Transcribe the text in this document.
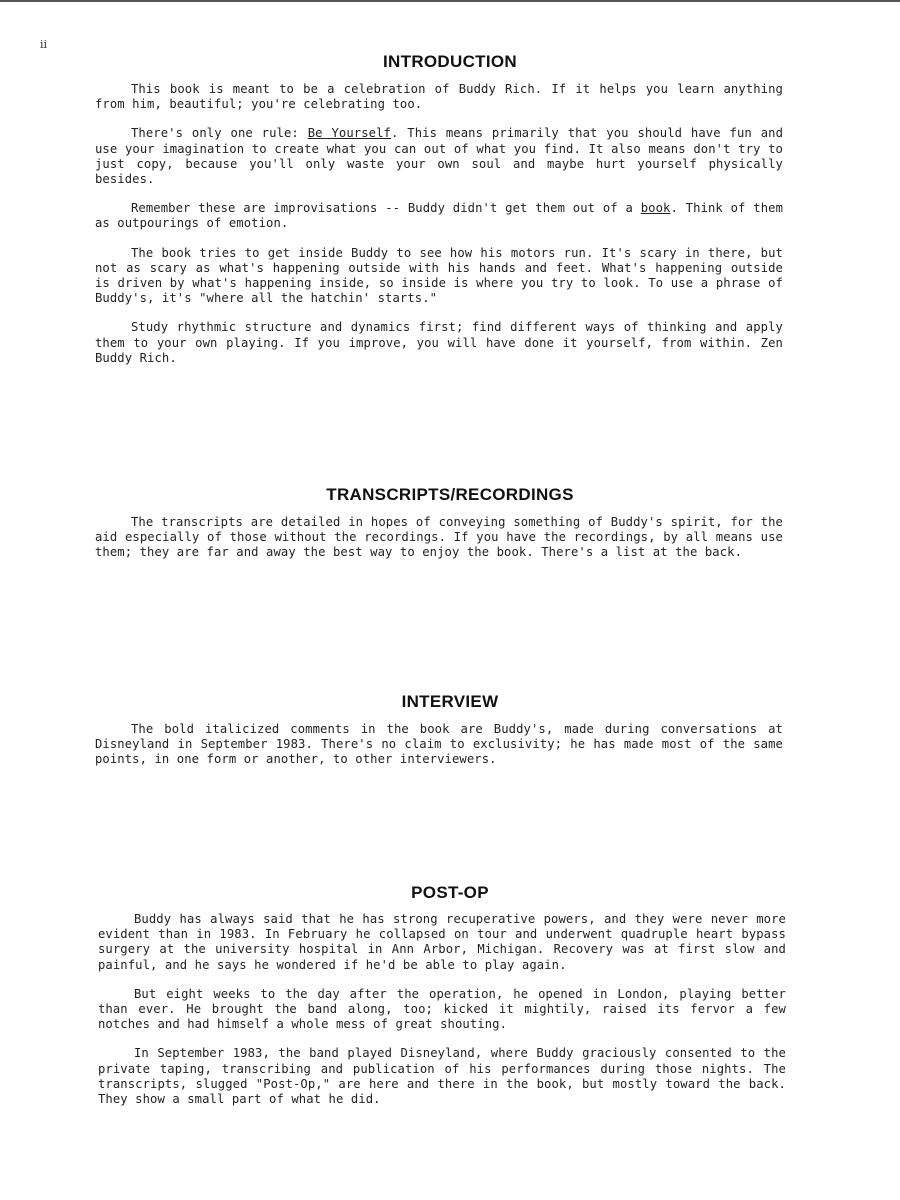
ii
INTRODUCTION

This book is meant to be a celebration of Buddy Rich. If it helps you learn anything from him, beautiful; you're celebrating too.

There's only one rule: Be Yourself. This means primarily that you should have fun and use your imagination to create what you can out of what you find. It also means don't try to just copy, because you'll only waste your own soul and maybe hurt yourself physically besides.

Remember these are improvisations -- Buddy didn't get them out of a book. Think of them as outpourings of emotion.

The book tries to get inside Buddy to see how his motors run. It's scary in there, but not as scary as what's happening outside with his hands and feet. What's happening outside is driven by what's happening inside, so inside is where you try to look. To use a phrase of Buddy's, it's "where all the hatchin' starts."

Study rhythmic structure and dynamics first; find different ways of thinking and apply them to your own playing. If you improve, you will have done it yourself, from within. Zen Buddy Rich.

TRANSCRIPTS/RECORDINGS

The transcripts are detailed in hopes of conveying something of Buddy's spirit, for the aid especially of those without the recordings. If you have the recordings, by all means use them; they are far and away the best way to enjoy the book. There's a list at the back.

INTERVIEW

The bold italicized comments in the book are Buddy's, made during conversations at Disneyland in September 1983. There's no claim to exclusivity; he has made most of the same points, in one form or another, to other interviewers.

POST-OP

Buddy has always said that he has strong recuperative powers, and they were never more evident than in 1983. In February he collapsed on tour and underwent quadruple heart bypass surgery at the university hospital in Ann Arbor, Michigan. Recovery was at first slow and painful, and he says he wondered if he'd be able to play again.

But eight weeks to the day after the operation, he opened in London, playing better than ever. He brought the band along, too; kicked it mightily, raised its fervor a few notches and had himself a whole mess of great shouting.

In September 1983, the band played Disneyland, where Buddy graciously consented to the private taping, transcribing and publication of his performances during those nights. The transcripts, slugged "Post-Op," are here and there in the book, but mostly toward the back. They show a small part of what he did.
